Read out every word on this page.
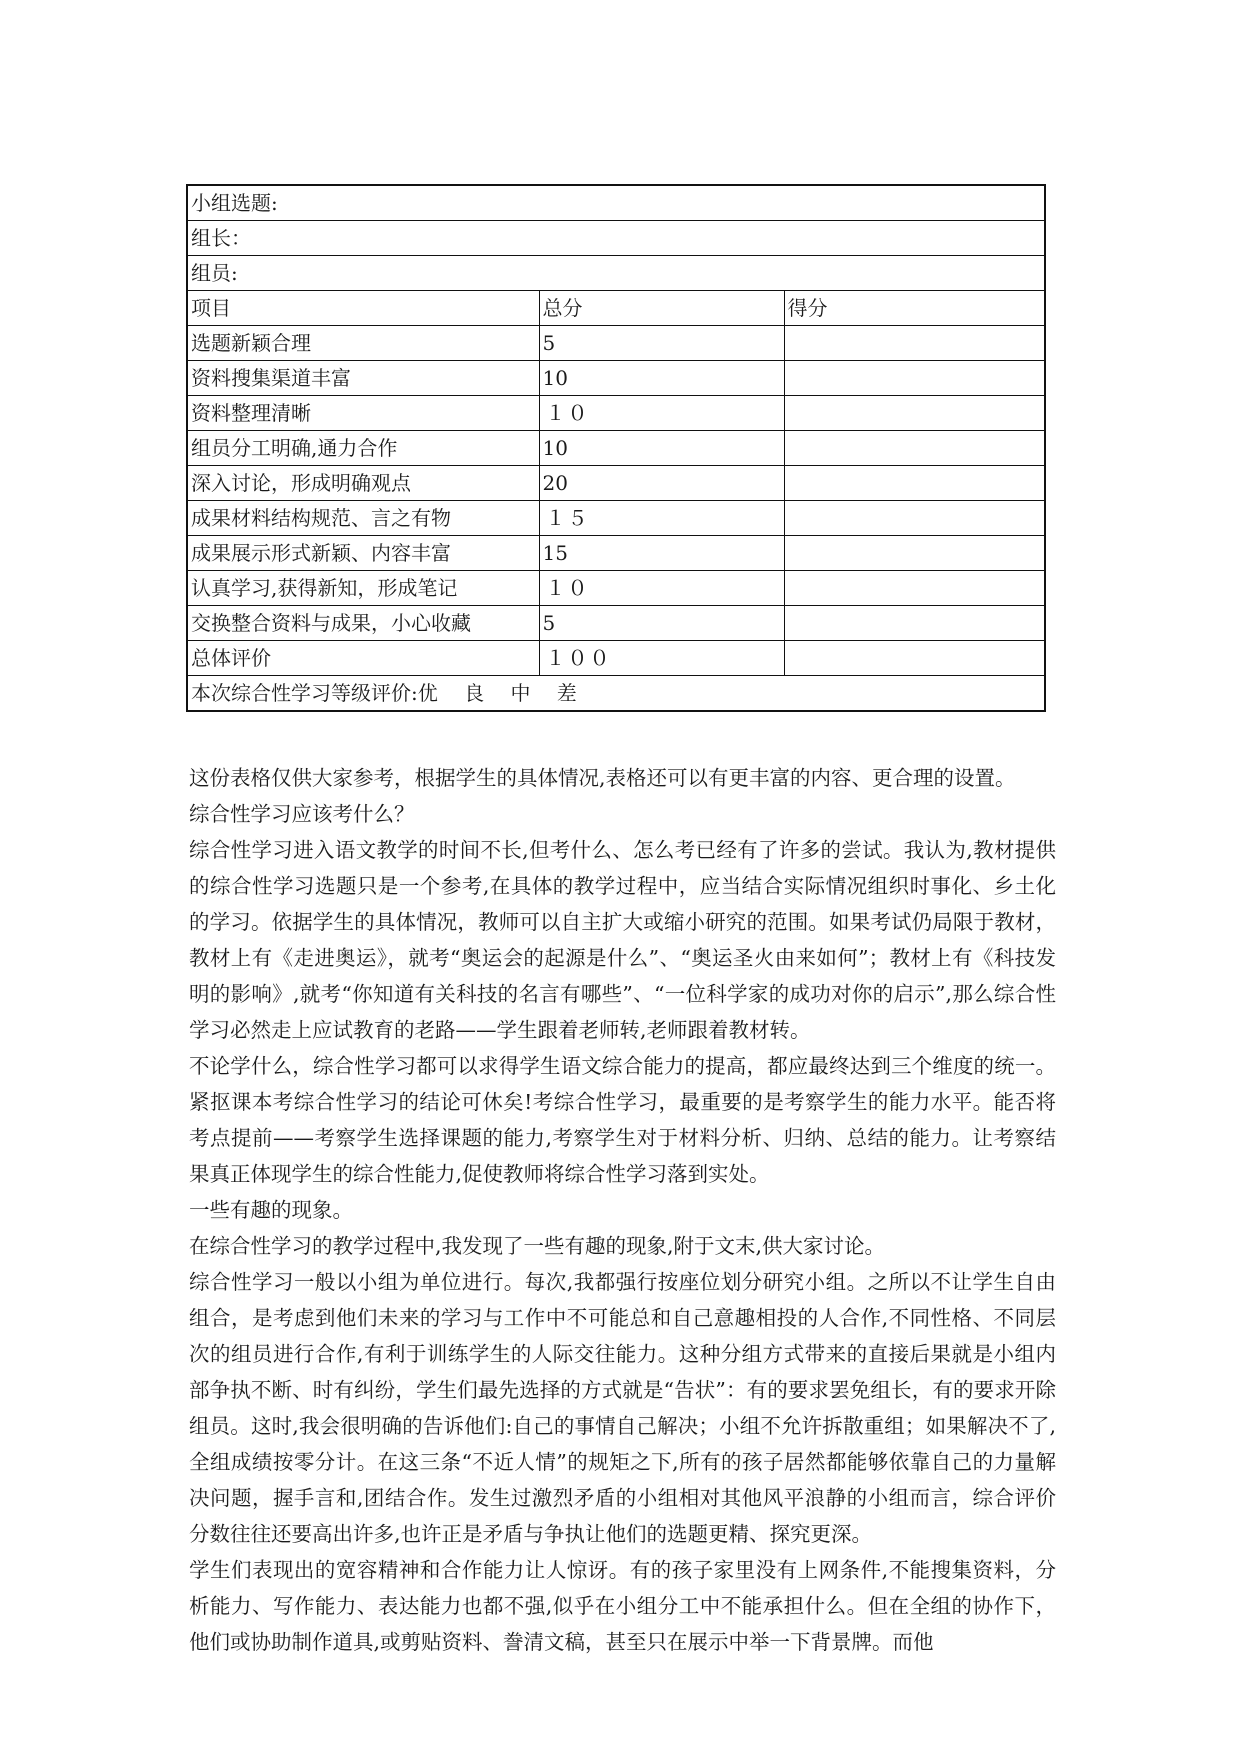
小组选题:		
组长：		
组员:		
项目	总分	得分
选题新颖合理	5	
资料搜集渠道丰富	10	
资料整理清晰	１０	
组员分工明确,通力合作	10	
深入讨论，形成明确观点	20	
成果材料结构规范、言之有物	１５	
成果展示形式新颖、内容丰富	15	
认真学习,获得新知，形成笔记	１０	
交换整合资料与成果，小心收藏	5	
总体评价	１００	
本次综合性学习等级评价:优　 良　 中　 差		

这份表格仅供大家参考，根据学生的具体情况,表格还可以有更丰富的内容、更合理的设置。

综合性学习应该考什么？

综合性学习进入语文教学的时间不长,但考什么、怎么考已经有了许多的尝试。我认为,教材提供的综合性学习选题只是一个参考,在具体的教学过程中，应当结合实际情况组织时事化、乡土化的学习。依据学生的具体情况，教师可以自主扩大或缩小研究的范围。如果考试仍局限于教材，教材上有《走进奥运》，就考“奥运会的起源是什么”、“奥运圣火由来如何”；教材上有《科技发明的影响》,就考“你知道有关科技的名言有哪些”、“一位科学家的成功对你的启示”,那么综合性学习必然走上应试教育的老路——学生跟着老师转,老师跟着教材转。

不论学什么，综合性学习都可以求得学生语文综合能力的提高，都应最终达到三个维度的统一。紧抠课本考综合性学习的结论可休矣!考综合性学习，最重要的是考察学生的能力水平。能否将考点提前——考察学生选择课题的能力,考察学生对于材料分析、归纳、总结的能力。让考察结果真正体现学生的综合性能力,促使教师将综合性学习落到实处。

一些有趣的现象。

在综合性学习的教学过程中,我发现了一些有趣的现象,附于文末,供大家讨论。

综合性学习一般以小组为单位进行。每次,我都强行按座位划分研究小组。之所以不让学生自由组合，是考虑到他们未来的学习与工作中不可能总和自己意趣相投的人合作,不同性格、不同层次的组员进行合作,有利于训练学生的人际交往能力。这种分组方式带来的直接后果就是小组内部争执不断、时有纠纷，学生们最先选择的方式就是“告状”：有的要求罢免组长，有的要求开除组员。这时,我会很明确的告诉他们:自己的事情自己解决；小组不允许拆散重组；如果解决不了,全组成绩按零分计。在这三条“不近人情”的规矩之下,所有的孩子居然都能够依靠自己的力量解决问题，握手言和,团结合作。发生过激烈矛盾的小组相对其他风平浪静的小组而言，综合评价分数往往还要高出许多,也许正是矛盾与争执让他们的选题更精、探究更深。

学生们表现出的宽容精神和合作能力让人惊讶。有的孩子家里没有上网条件,不能搜集资料，分析能力、写作能力、表达能力也都不强,似乎在小组分工中不能承担什么。但在全组的协作下，他们或协助制作道具,或剪贴资料、誊清文稿，甚至只在展示中举一下背景牌。而他
